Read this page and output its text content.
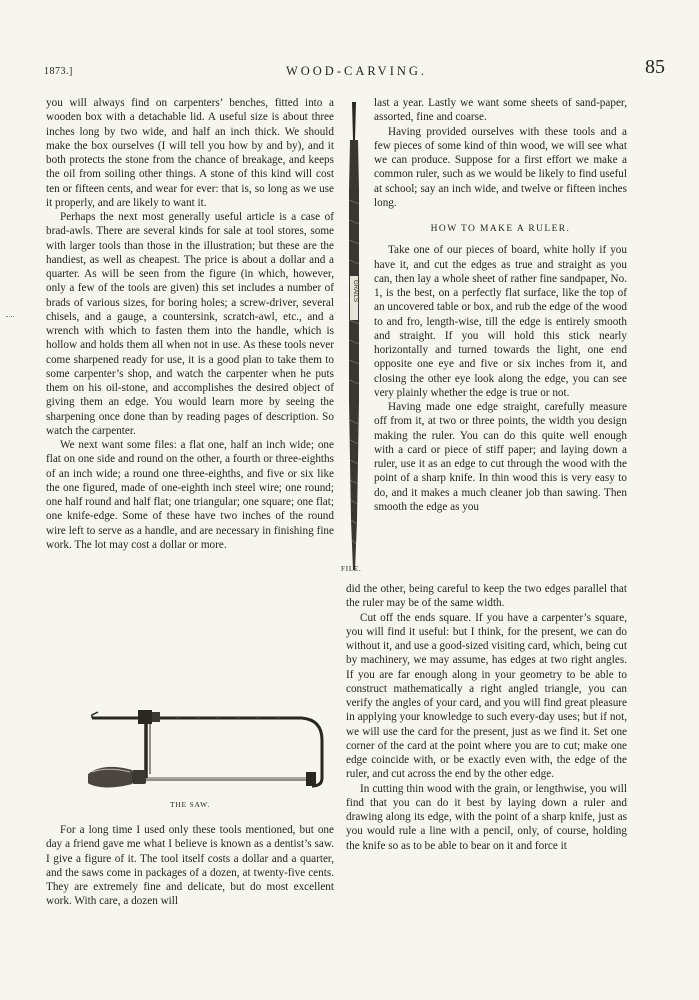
1873.]	WOOD-CARVING.	85

you will always find on carpenters’ benches, fitted into a wooden box with a detachable lid. A useful size is about three inches long by two wide, and half an inch thick. We should make the box ourselves (I will tell you how by and by), and it both protects the stone from the chance of breakage, and keeps the oil from soiling other things. A stone of this kind will cost ten or fifteen cents, and wear for ever: that is, so long as we use it properly, and are likely to want it.

Perhaps the next most generally useful article is a case of brad-awls. There are several kinds for sale at tool stores, some with larger tools than those in the illustration; but these are the handiest, as well as cheapest. The price is about a dollar and a quarter. As will be seen from the figure (in which, however, only a few of the tools are given) this set includes a number of brads of various sizes, for boring holes; a screw-driver, several chisels, and a gauge, a countersink, scratch-awl, etc., and a wrench with which to fasten them into the handle, which is hollow and holds them all when not in use. As these tools never come sharpened ready for use, it is a good plan to take them to some carpenter’s shop, and watch the carpenter when he puts them on his oil-stone, and accomplishes the desired object of giving them an edge. You would learn more by seeing the sharpening once done than by reading pages of description. So watch the carpenter.

We next want some files: a flat one, half an inch wide; one flat on one side and round on the other, a fourth or three-eighths of an inch wide; a round one three-eighths, and five or six like the one figured, made of one-eighth inch steel wire; one round; one half round and half flat; one triangular; one square; one flat; one knife-edge. Some of these have two inches of the round wire left to serve as a handle, and are necessary in finishing fine work. The lot may cost a dollar or more.

THE SAW.

For a long time I used only these tools mentioned, but one day a friend gave me what I believe is known as a dentist’s saw. I give a figure of it. The tool itself costs a dollar and a quarter, and the saws come in packages of a dozen, at twenty-five cents. They are extremely fine and delicate, but do most excellent work. With care, a dozen will

GRAILS
FILE.

last a year. Lastly we want some sheets of sand-paper, assorted, fine and coarse.

Having provided ourselves with these tools and a few pieces of some kind of thin wood, we will see what we can produce. Suppose for a first effort we make a common ruler, such as we would be likely to find useful at school; say an inch wide, and twelve or fifteen inches long.

HOW TO MAKE A RULER.

Take one of our pieces of board, white holly if you have it, and cut the edges as true and straight as you can, then lay a whole sheet of rather fine sandpaper, No. 1, is the best, on a perfectly flat surface, like the top of an uncovered table or box, and rub the edge of the wood to and fro, length-wise, till the edge is entirely smooth and straight. If you will hold this stick nearly horizontally and turned towards the light, one end opposite one eye and five or six inches from it, and closing the other eye look along the edge, you can see very plainly whether the edge is true or not.

Having made one edge straight, carefully measure off from it, at two or three points, the width you design making the ruler. You can do this quite well enough with a card or piece of stiff paper; and laying down a ruler, use it as an edge to cut through the wood with the point of a sharp knife. In thin wood this is very easy to do, and it makes a much cleaner job than sawing. Then smooth the edge as you

did the other, being careful to keep the two edges parallel that the ruler may be of the same width.

Cut off the ends square. If you have a carpenter’s square, you will find it useful: but I think, for the present, we can do without it, and use a good-sized visiting card, which, being cut by machinery, we may assume, has edges at two right angles. If you are far enough along in your geometry to be able to construct mathematically a right angled triangle, you can verify the angles of your card, and you will find great pleasure in applying your knowledge to such every-day uses; but if not, we will use the card for the present, just as we find it. Set one corner of the card at the point where you are to cut; make one edge coincide with, or be exactly even with, the edge of the ruler, and cut across the end by the other edge.

In cutting thin wood with the grain, or lengthwise, you will find that you can do it best by laying down a ruler and drawing along its edge, with the point of a sharp knife, just as you would rule a line with a pencil, only, of course, holding the knife so as to be able to bear on it and force it
